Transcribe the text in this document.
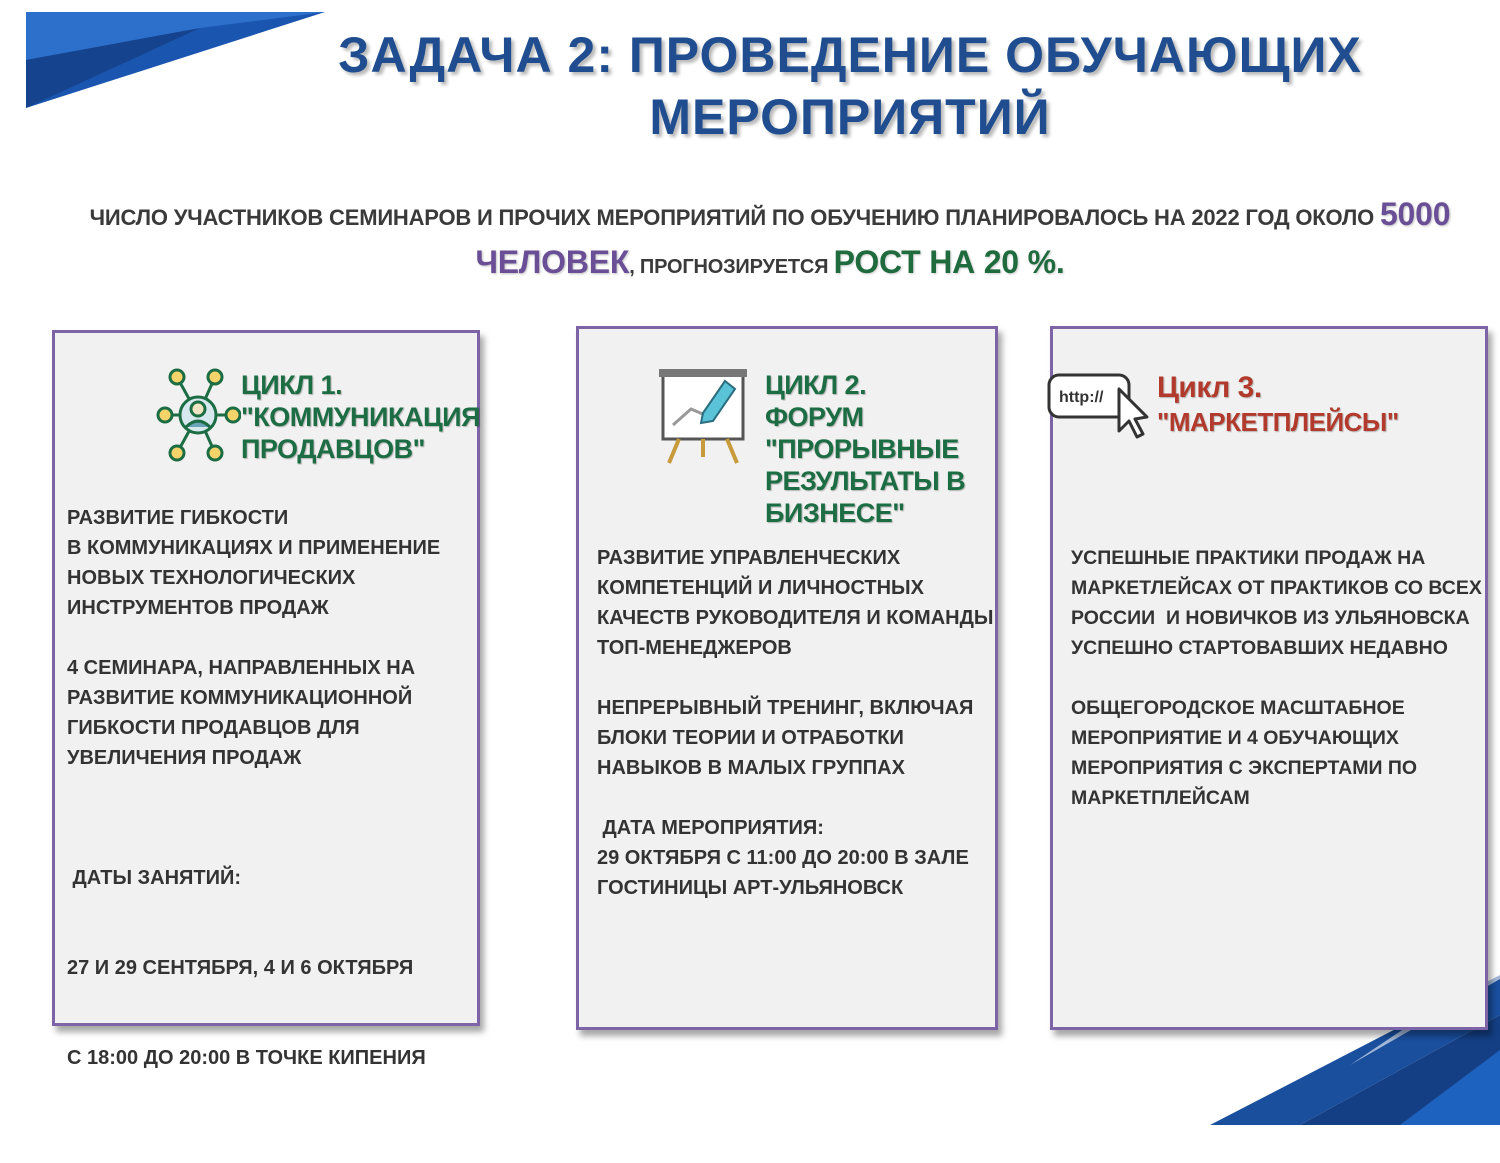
ЗАДАЧА 2: ПРОВЕДЕНИЕ ОБУЧАЮЩИХ
МЕРОПРИЯТИЙ
ЧИСЛО УЧАСТНИКОВ СЕМИНАРОВ И ПРОЧИХ МЕРОПРИЯТИЙ ПО ОБУЧЕНИЮ ПЛАНИРОВАЛОСЬ НА 2022 ГОД ОКОЛО 5000
ЧЕЛОВЕК, ПРОГНОЗИРУЕТСЯ РОСТ НА 20 %.
ЦИКЛ 1.
"КОММУНИКАЦИЯ
ПРОДАВЦОВ"

РАЗВИТИЕ ГИБКОСТИ
В КОММУНИКАЦИЯХ И ПРИМЕНЕНИЕ
НОВЫХ ТЕХНОЛОГИЧЕСКИХ
ИНСТРУМЕНТОВ ПРОДАЖ

4 СЕМИНАРА, НАПРАВЛЕННЫХ НА
РАЗВИТИЕ КОММУНИКАЦИОННОЙ
ГИБКОСТИ ПРОДАВЦОВ ДЛЯ
УВЕЛИЧЕНИЯ ПРОДАЖ

ДАТЫ ЗАНЯТИЙ:

27 И 29 СЕНТЯБРЯ, 4 И 6 ОКТЯБРЯ

С 18:00 ДО 20:00 В ТОЧКЕ КИПЕНИЯ

ЦИКЛ 2.
ФОРУМ
"ПРОРЫВНЫЕ
РЕЗУЛЬТАТЫ В
БИЗНЕСЕ"

РАЗВИТИЕ УПРАВЛЕНЧЕСКИХ
КОМПЕТЕНЦИЙ И ЛИЧНОСТНЫХ
КАЧЕСТВ РУКОВОДИТЕЛЯ И КОМАНДЫ
ТОП-МЕНЕДЖЕРОВ

НЕПРЕРЫВНЫЙ ТРЕНИНГ, ВКЛЮЧАЯ
БЛОКИ ТЕОРИИ И ОТРАБОТКИ
НАВЫКОВ В МАЛЫХ ГРУППАХ

ДАТА МЕРОПРИЯТИЯ:
29 ОКТЯБРЯ С 11:00 ДО 20:00 В ЗАЛЕ
ГОСТИНИЦЫ АРТ-УЛЬЯНОВСК

http:// Цикл 3.
"МАРКЕТПЛЕЙСЫ"

УСПЕШНЫЕ ПРАКТИКИ ПРОДАЖ НА
МАРКЕТЛЕЙСАХ ОТ ПРАКТИКОВ СО ВСЕХ
РОССИИ  И НОВИЧКОВ ИЗ УЛЬЯНОВСКА
УСПЕШНО СТАРТОВАВШИХ НЕДАВНО

ОБЩЕГОРОДСКОЕ МАСШТАБНОЕ
МЕРОПРИЯТИЕ И 4 ОБУЧАЮЩИХ
МЕРОПРИЯТИЯ С ЭКСПЕРТАМИ ПО
МАРКЕТПЛЕЙСАМ
